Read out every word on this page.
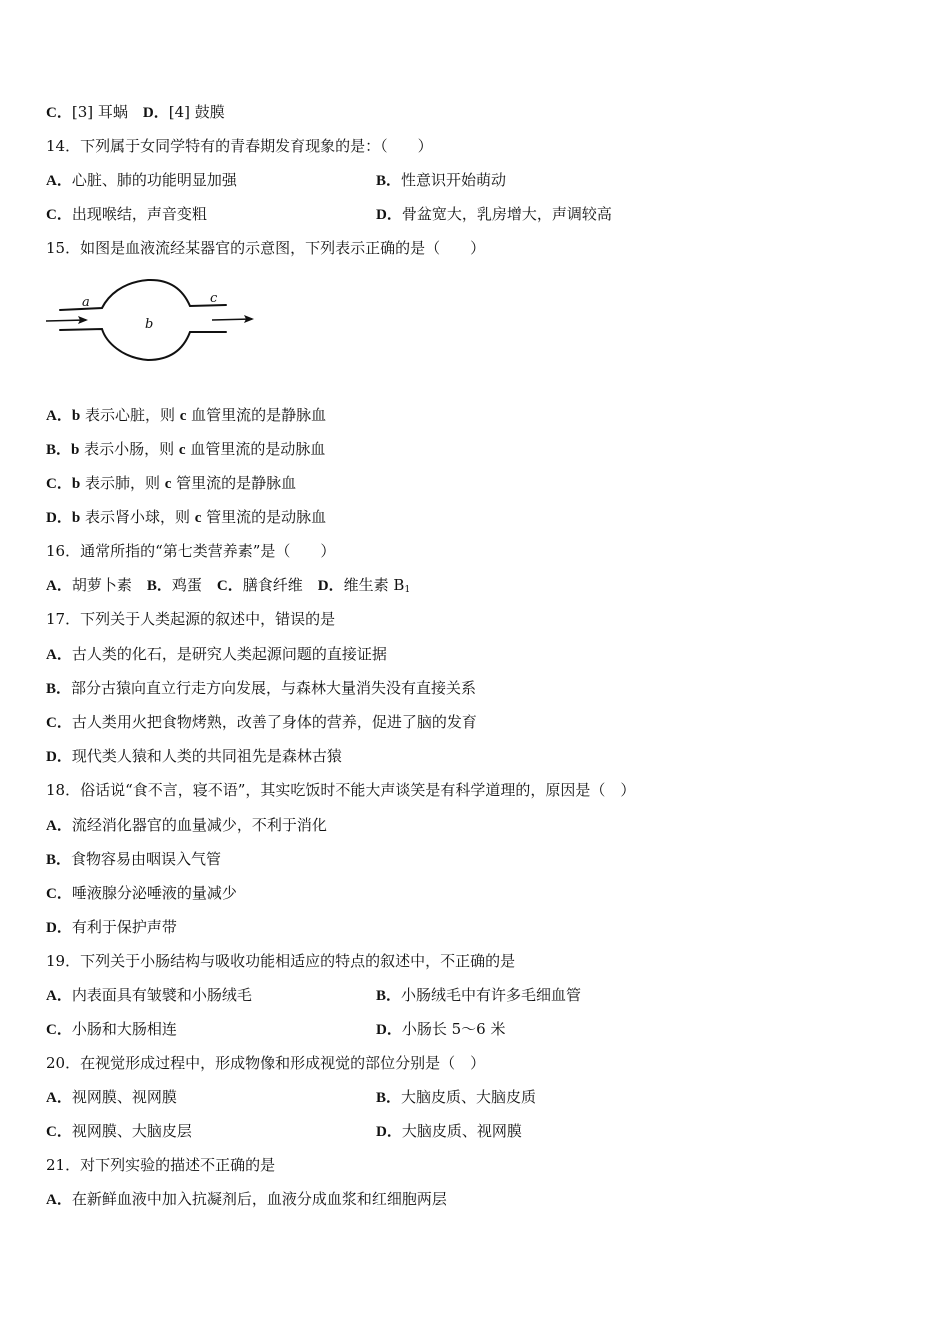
C．[3] 耳蜗　 D．[4] 鼓膜
14．下列属于女同学特有的青春期发育现象的是：（　　）
A．心脏、肺的功能明显加强	B．性意识开始萌动
C．出现喉结，声音变粗	D．骨盆宽大，乳房增大，声调较高
15．如图是血液流经某器官的示意图，下列表示正确的是（　　）
a
b
c
A．b 表示心脏，则 c 血管里流的是静脉血
B．b 表示小肠，则 c 血管里流的是动脉血
C．b 表示肺，则 c 管里流的是静脉血
D．b 表示肾小球，则 c 管里流的是动脉血
16．通常所指的“第七类营养素”是（　　）
A．胡萝卜素　 B．鸡蛋　 C．膳食纤维　 D．维生素 $B_1$
17．下列关于人类起源的叙述中，错误的是
A．古人类的化石，是研究人类起源问题的直接证据
B．部分古猿向直立行走方向发展，与森林大量消失没有直接关系
C．古人类用火把食物烤熟，改善了身体的营养，促进了脑的发育
D．现代类人猿和人类的共同祖先是森林古猿
18．俗话说“食不言，寝不语”，其实吃饭时不能大声谈笑是有科学道理的，原因是（　）
A．流经消化器官的血量减少，不利于消化
B．食物容易由咽误入气管
C．唾液腺分泌唾液的量减少
D．有利于保护声带
19．下列关于小肠结构与吸收功能相适应的特点的叙述中，不正确的是
A．内表面具有皱襞和小肠绒毛	B．小肠绒毛中有许多毛细血管
C．小肠和大肠相连	D．小肠长 5～6 米
20．在视觉形成过程中，形成物像和形成视觉的部位分别是（　）
A．视网膜、视网膜	B．大脑皮质、大脑皮质
C．视网膜、大脑皮层	D．大脑皮质、视网膜
21．对下列实验的描述不正确的是
A．在新鲜血液中加入抗凝剂后，血液分成血浆和红细胞两层
